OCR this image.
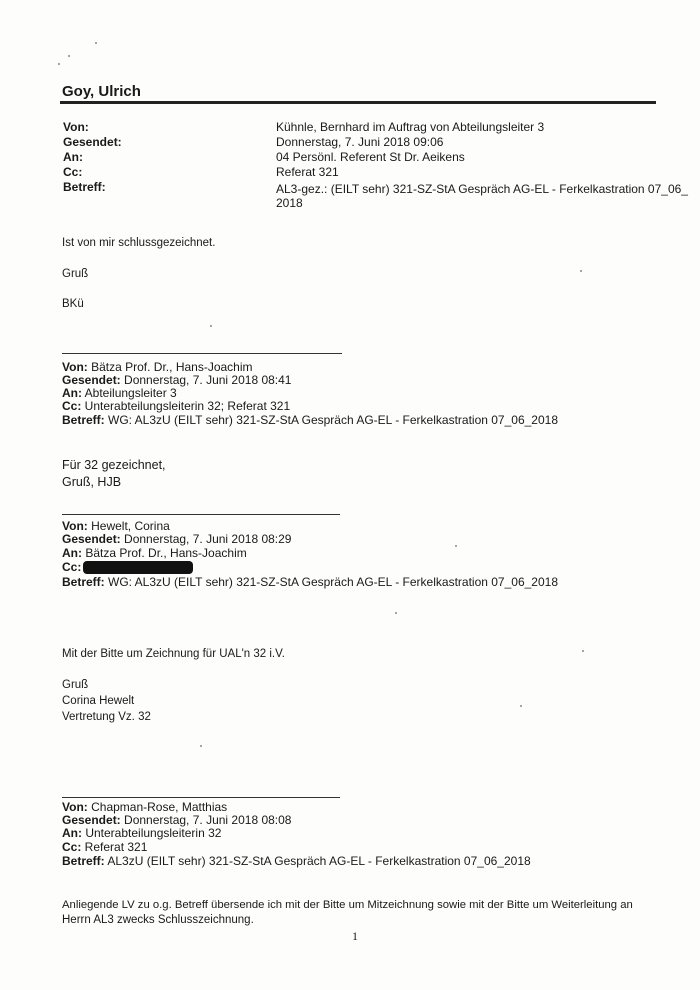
Goy, Ulrich
Von:	Kühnle, Bernhard im Auftrag von Abteilungsleiter 3
Gesendet:	Donnerstag, 7. Juni 2018 09:06
An:	04 Persönl. Referent St Dr. Aeikens
Cc:	Referat 321
Betreff:	AL3-gez.: (EILT sehr) 321-SZ-StA Gespräch AG-EL - Ferkelkastration 07_06_
2018
Ist von mir schlussgezeichnet.
Gruß
BKü
Von: Bätza Prof. Dr., Hans-Joachim
Gesendet: Donnerstag, 7. Juni 2018 08:41
An: Abteilungsleiter 3
Cc: Unterabteilungsleiterin 32; Referat 321
Betreff: WG: AL3zU (EILT sehr) 321-SZ-StA Gespräch AG-EL - Ferkelkastration 07_06_2018
Für 32 gezeichnet,
Gruß, HJB
Von: Hewelt, Corina
Gesendet: Donnerstag, 7. Juni 2018 08:29
An: Bätza Prof. Dr., Hans-Joachim
Cc:
Betreff: WG: AL3zU (EILT sehr) 321-SZ-StA Gespräch AG-EL - Ferkelkastration 07_06_2018
Mit der Bitte um Zeichnung für UAL'n 32 i.V.
Gruß
Corina Hewelt
Vertretung Vz. 32
Von: Chapman-Rose, Matthias
Gesendet: Donnerstag, 7. Juni 2018 08:08
An: Unterabteilungsleiterin 32
Cc: Referat 321
Betreff: AL3zU (EILT sehr) 321-SZ-StA Gespräch AG-EL - Ferkelkastration 07_06_2018
Anliegende LV zu o.g. Betreff übersende ich mit der Bitte um Mitzeichnung sowie mit der Bitte um Weiterleitung an
Herrn AL3 zwecks Schlusszeichnung.
1
